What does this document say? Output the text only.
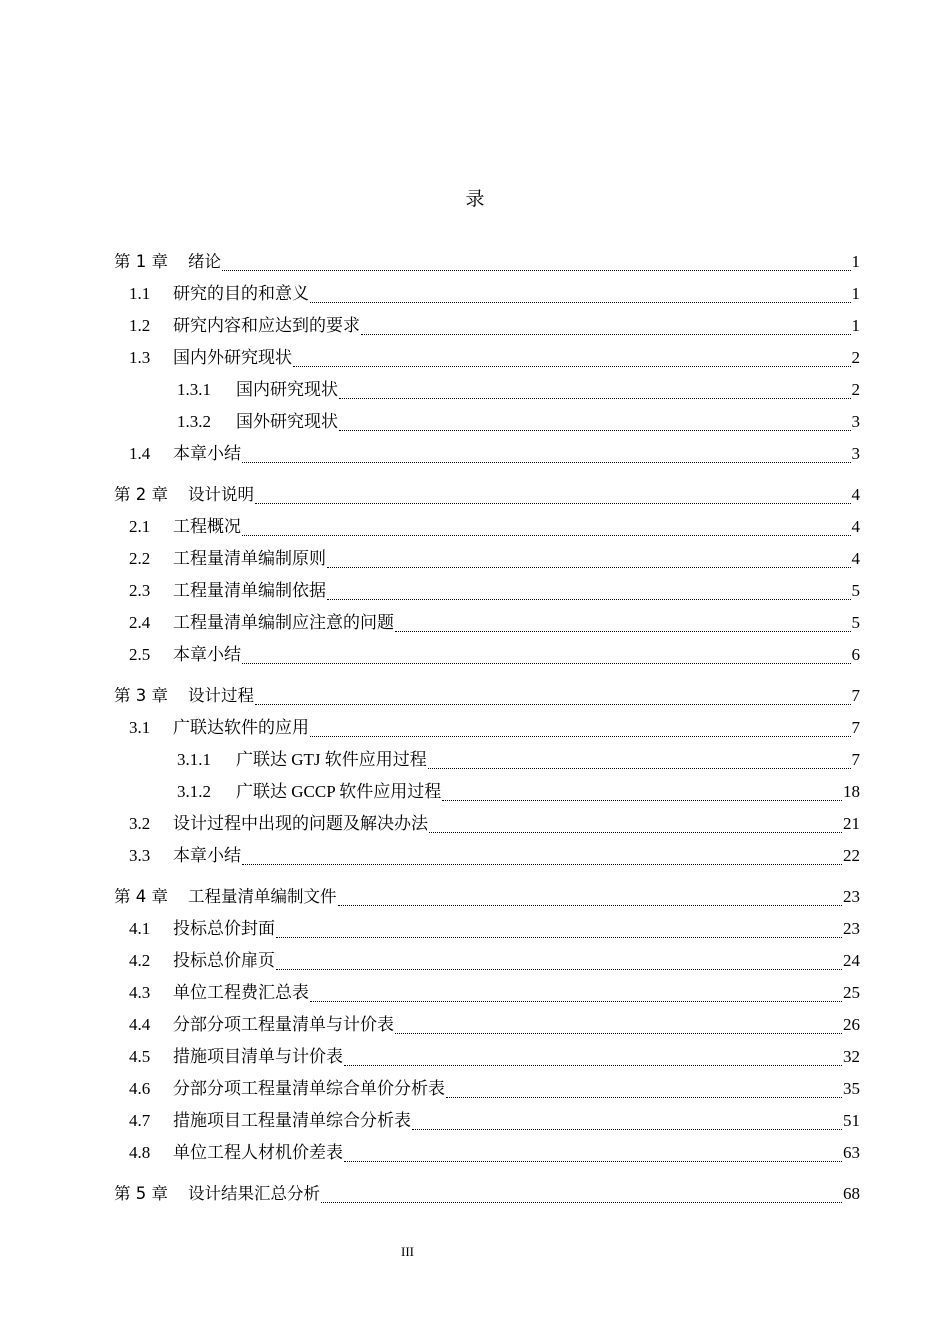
录
第 1 章	绪论	1
1.1	研究的目的和意义	1
1.2	研究内容和应达到的要求	1
1.3	国内外研究现状	2
1.3.1	国内研究现状	2
1.3.2	国外研究现状	3
1.4	本章小结	3
第 2 章	设计说明	4
2.1	工程概况	4
2.2	工程量清单编制原则	4
2.3	工程量清单编制依据	5
2.4	工程量清单编制应注意的问题	5
2.5	本章小结	6
第 3 章	设计过程	7
3.1	广联达软件的应用	7
3.1.1	广联达 GTJ 软件应用过程	7
3.1.2	广联达 GCCP 软件应用过程	18
3.2	设计过程中出现的问题及解决办法	21
3.3	本章小结	22
第 4 章	工程量清单编制文件	23
4.1	投标总价封面	23
4.2	投标总价扉页	24
4.3	单位工程费汇总表	25
4.4	分部分项工程量清单与计价表	26
4.5	措施项目清单与计价表	32
4.6	分部分项工程量清单综合单价分析表	35
4.7	措施项目工程量清单综合分析表	51
4.8	单位工程人材机价差表	63
第 5 章	设计结果汇总分析	68
III
